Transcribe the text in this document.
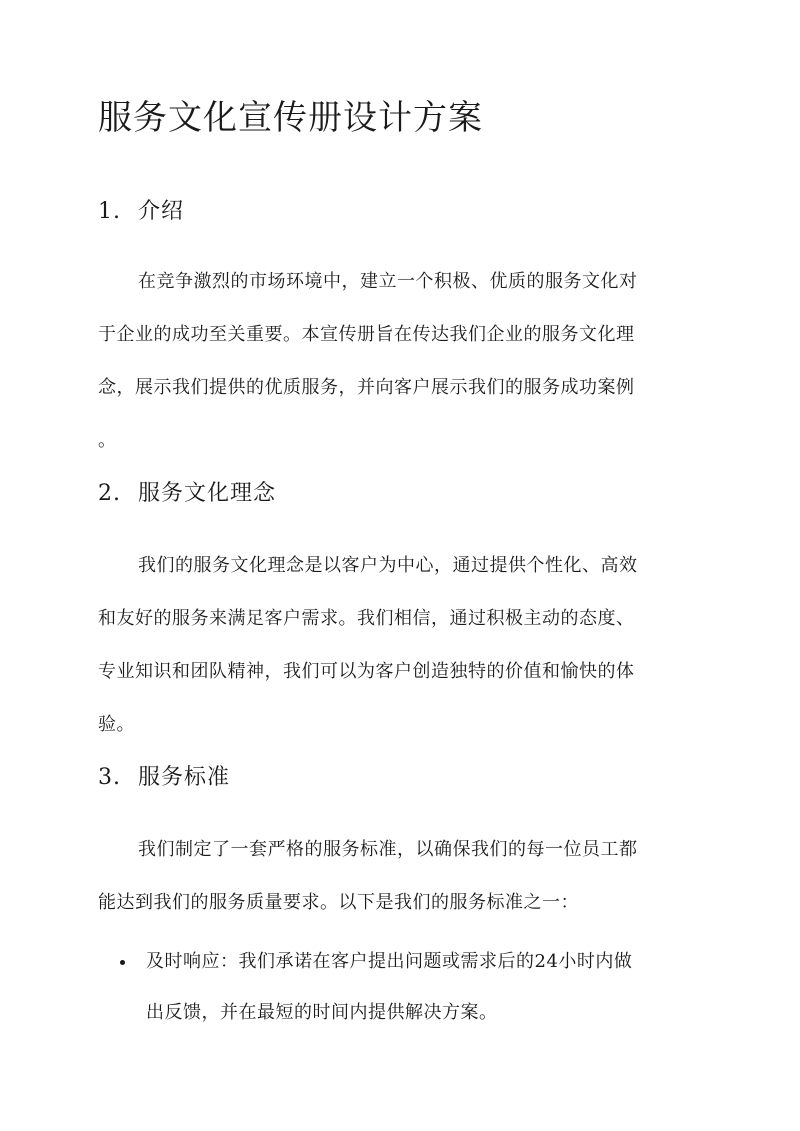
服务文化宣传册设计方案
1. 介绍
在竞争激烈的市场环境中，建立一个积极、优质的服务文化对
于企业的成功至关重要。本宣传册旨在传达我们企业的服务文化理
念，展示我们提供的优质服务，并向客户展示我们的服务成功案例
。
2. 服务文化理念
我们的服务文化理念是以客户为中心，通过提供个性化、高效
和友好的服务来满足客户需求。我们相信，通过积极主动的态度、
专业知识和团队精神，我们可以为客户创造独特的价值和愉快的体
验。
3. 服务标准
我们制定了一套严格的服务标准，以确保我们的每一位员工都
能达到我们的服务质量要求。以下是我们的服务标准之一：
及时响应：我们承诺在客户提出问题或需求后的24小时内做
出反馈，并在最短的时间内提供解决方案。
